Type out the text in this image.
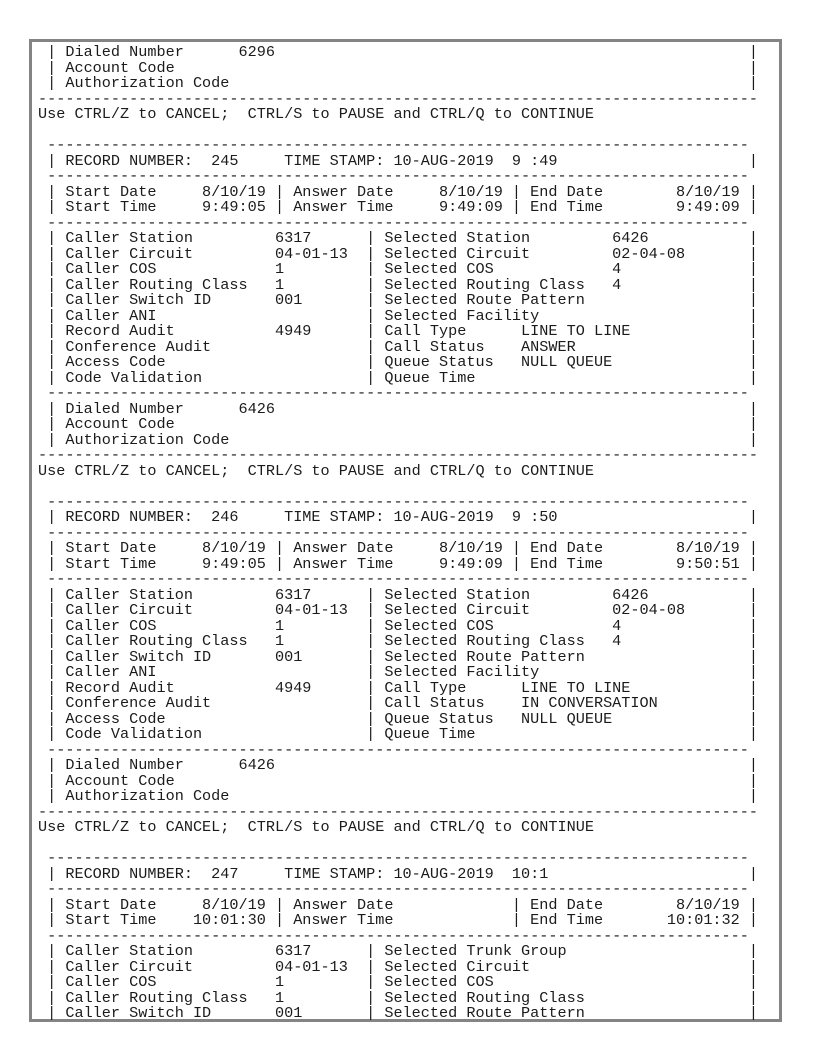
| Dialed Number      6296                                                    |
| Account Code                                                               |
| Authorization Code                                                         |
-------------------------------------------------------------------------------
Use CTRL/Z to CANCEL;  CTRL/S to PAUSE and CTRL/Q to CONTINUE
-----------------------------------------------------------------------------
| RECORD NUMBER:  245     TIME STAMP: 10-AUG-2019  9 :49                     |
-----------------------------------------------------------------------------
| Start Date     8/10/19 | Answer Date     8/10/19 | End Date        8/10/19 |
| Start Time     9:49:05 | Answer Time     9:49:09 | End Time        9:49:09 |
-----------------------------------------------------------------------------
| Caller Station         6317      | Selected Station         6426           |
| Caller Circuit         04-01-13  | Selected Circuit         02-04-08       |
| Caller COS             1         | Selected COS             4              |
| Caller Routing Class   1         | Selected Routing Class   4              |
| Caller Switch ID       001       | Selected Route Pattern                  |
| Caller ANI                       | Selected Facility                       |
| Record Audit           4949      | Call Type      LINE TO LINE             |
| Conference Audit                 | Call Status    ANSWER                   |
| Access Code                      | Queue Status   NULL QUEUE               |
| Code Validation                  | Queue Time                              |
-----------------------------------------------------------------------------
| Dialed Number      6426                                                    |
| Account Code                                                               |
| Authorization Code                                                         |
-------------------------------------------------------------------------------
Use CTRL/Z to CANCEL;  CTRL/S to PAUSE and CTRL/Q to CONTINUE
-----------------------------------------------------------------------------
| RECORD NUMBER:  246     TIME STAMP: 10-AUG-2019  9 :50                     |
-----------------------------------------------------------------------------
| Start Date     8/10/19 | Answer Date     8/10/19 | End Date        8/10/19 |
| Start Time     9:49:05 | Answer Time     9:49:09 | End Time        9:50:51 |
-----------------------------------------------------------------------------
| Caller Station         6317      | Selected Station         6426           |
| Caller Circuit         04-01-13  | Selected Circuit         02-04-08       |
| Caller COS             1         | Selected COS             4              |
| Caller Routing Class   1         | Selected Routing Class   4              |
| Caller Switch ID       001       | Selected Route Pattern                  |
| Caller ANI                       | Selected Facility                       |
| Record Audit           4949      | Call Type      LINE TO LINE             |
| Conference Audit                 | Call Status    IN CONVERSATION          |
| Access Code                      | Queue Status   NULL QUEUE               |
| Code Validation                  | Queue Time                              |
-----------------------------------------------------------------------------
| Dialed Number      6426                                                    |
| Account Code                                                               |
| Authorization Code                                                         |
-------------------------------------------------------------------------------
Use CTRL/Z to CANCEL;  CTRL/S to PAUSE and CTRL/Q to CONTINUE
-----------------------------------------------------------------------------
| RECORD NUMBER:  247     TIME STAMP: 10-AUG-2019  10:1                      |
-----------------------------------------------------------------------------
| Start Date     8/10/19 | Answer Date             | End Date        8/10/19 |
| Start Time    10:01:30 | Answer Time             | End Time       10:01:32 |
-----------------------------------------------------------------------------
| Caller Station         6317      | Selected Trunk Group                    |
| Caller Circuit         04-01-13  | Selected Circuit                        |
| Caller COS             1         | Selected COS                            |
| Caller Routing Class   1         | Selected Routing Class                  |
| Caller Switch ID       001       | Selected Route Pattern                  |
